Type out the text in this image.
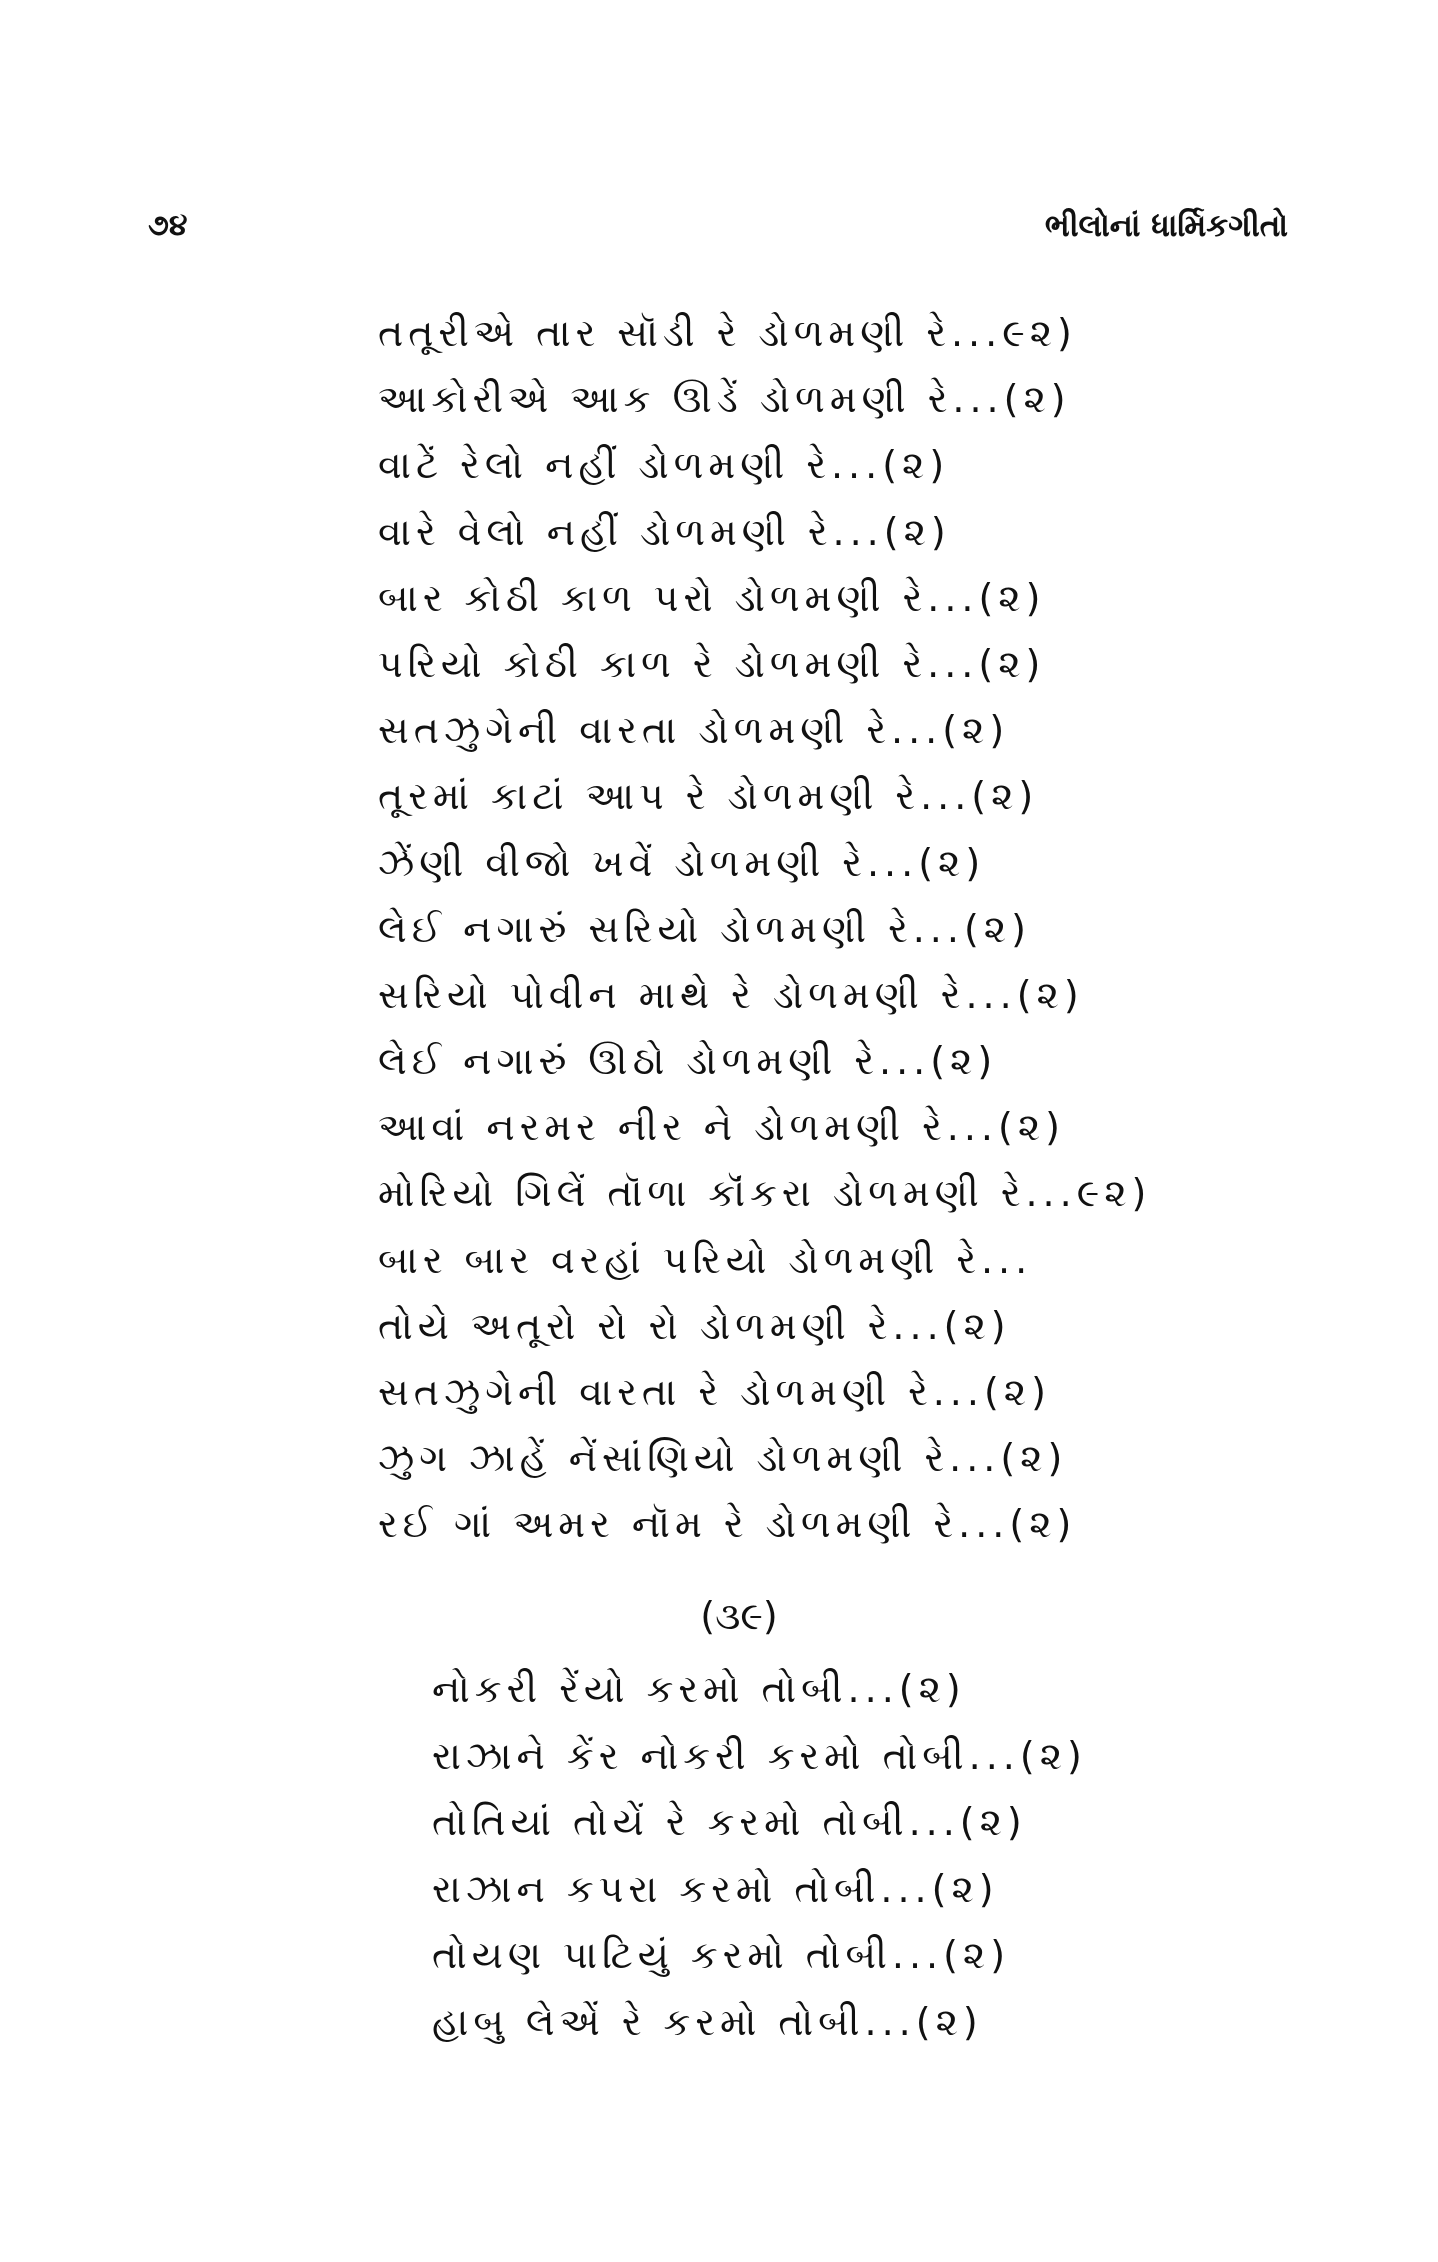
૭૪	ભીલોનાં ધાર્મિકગીતો
તતૂરીએ તાર સૉડી રે ડોળમણી રે...૯૨)
આકોરીએ આક ઊડેં ડોળમણી રે...(૨)
વાટેં રેલો નહીં ડોળમણી રે...(૨)
વારે વેલો નહીં ડોળમણી રે...(૨)
બાર કોઠી કાળ પરો ડોળમણી રે...(૨)
પરિયો કોઠી કાળ રે ડોળમણી રે...(૨)
સતઝુગેની વારતા ડોળમણી રે...(૨)
તૂરમાં કાટાં આપ રે ડોળમણી રે...(૨)
ઝેંણી વીજો ખવેં ડોળમણી રે...(૨)
લેઈ નગારું સરિયો ડોળમણી રે...(૨)
સરિયો પોવીન માથે રે ડોળમણી રે...(૨)
લેઈ નગારું ઊઠો ડોળમણી રે...(૨)
આવાં નરમર નીર ને ડોળમણી રે...(૨)
મોરિયો ગિલેં તૉળા કૉંકરા ડોળમણી રે...૯૨)
બાર બાર વરહાં પરિયો ડોળમણી રે...
તોયે અતૂરો રો રો ડોળમણી રે...(૨)
સતઝુગેની વારતા રે ડોળમણી રે...(૨)
ઝુગ ઝાહેં નેંસાંણિયો ડોળમણી રે...(૨)
રઈ ગાં અમર નૉમ રે ડોળમણી રે...(૨)
(૩૯)
નોકરી રેંયો કરમો તોબી...(૨)
રાઝાને કેંર નોકરી કરમો તોબી...(૨)
તોતિયાં તોયેં રે કરમો તોબી...(૨)
રાઝાન કપરા કરમો તોબી...(૨)
તોયણ પાટિયું કરમો તોબી...(૨)
હાબુ લેએં રે કરમો તોબી...(૨)
